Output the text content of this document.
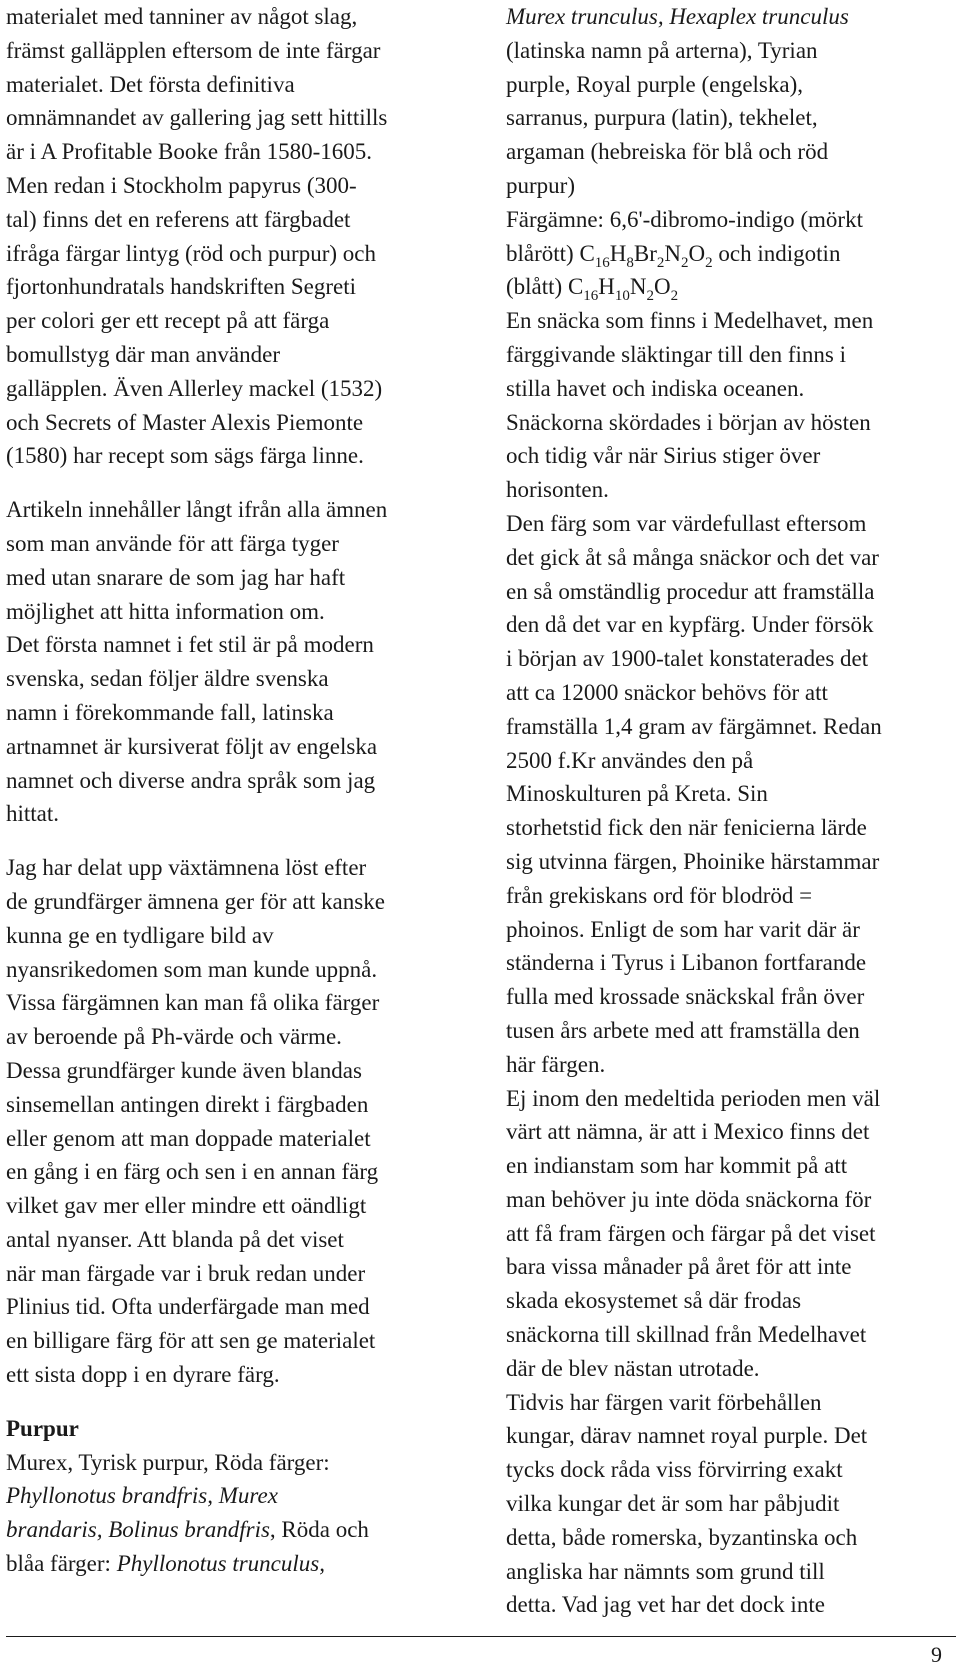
materialet med tanniner av något slag,
främst galläpplen eftersom de inte färgar
materialet. Det första definitiva
omnämnandet av gallering jag sett hittills
är i A Profitable Booke från 1580-1605.
Men redan i Stockholm papyrus (300-
tal) finns det en referens att färgbadet
ifråga färgar lintyg (röd och purpur) och
fjortonhundratals handskriften Segreti
per colori ger ett recept på att färga
bomullstyg där man använder
galläpplen. Även Allerley mackel (1532)
och Secrets of Master Alexis Piemonte
(1580) har recept som sägs färga linne.
Artikeln innehåller långt ifrån alla ämnen
som man använde för att färga tyger
med utan snarare de som jag har haft
möjlighet att hitta information om.
Det första namnet i fet stil är på modern
svenska, sedan följer äldre svenska
namn i förekommande fall, latinska
artnamnet är kursiverat följt av engelska
namnet och diverse andra språk som jag
hittat.
Jag har delat upp växtämnena löst efter
de grundfärger ämnena ger för att kanske
kunna ge en tydligare bild av
nyansrikedomen som man kunde uppnå.
Vissa färgämnen kan man få olika färger
av beroende på Ph-värde och värme.
Dessa grundfärger kunde även blandas
sinsemellan antingen direkt i färgbaden
eller genom att man doppade materialet
en gång i en färg och sen i en annan färg
vilket gav mer eller mindre ett oändligt
antal nyanser. Att blanda på det viset
när man färgade var i bruk redan under
Plinius tid. Ofta underfärgade man med
en billigare färg för att sen ge materialet
ett sista dopp i en dyrare färg.
Purpur
Murex, Tyrisk purpur, Röda färger:
Phyllonotus brandfris, Murex
brandaris, Bolinus brandfris, Röda och
blåa färger: Phyllonotus trunculus,
Murex trunculus, Hexaplex trunculus
(latinska namn på arterna), Tyrian
purple, Royal purple (engelska),
sarranus, purpura (latin), tekhelet,
argaman (hebreiska för blå och röd
purpur)
Färgämne: 6,6'-dibromo-indigo (mörkt
blårött) $C_{16}H_8Br_2N_2O_2$ och indigotin
(blått) $C_{16}H_{10}N_2O_2$
En snäcka som finns i Medelhavet, men
färggivande släktingar till den finns i
stilla havet och indiska oceanen.
Snäckorna skördades i början av hösten
och tidig vår när Sirius stiger över
horisonten.
Den färg som var värdefullast eftersom
det gick åt så många snäckor och det var
en så omständlig procedur att framställa
den då det var en kypfärg. Under försök
i början av 1900-talet konstaterades det
att ca 12000 snäckor behövs för att
framställa 1,4 gram av färgämnet. Redan
2500 f.Kr användes den på
Minoskulturen på Kreta. Sin
storhetstid fick den när fenicierna lärde
sig utvinna färgen, Phoinike härstammar
från grekiskans ord för blodröd =
phoinos. Enligt de som har varit där är
ständerna i Tyrus i Libanon fortfarande
fulla med krossade snäckskal från över
tusen års arbete med att framställa den
här färgen.
Ej inom den medeltida perioden men väl
värt att nämna, är att i Mexico finns det
en indianstam som har kommit på att
man behöver ju inte döda snäckorna för
att få fram färgen och färgar på det viset
bara vissa månader på året för att inte
skada ekosystemet så där frodas
snäckorna till skillnad från Medelhavet
där de blev nästan utrotade.
Tidvis har färgen varit förbehållen
kungar, därav namnet royal purple. Det
tycks dock råda viss förvirring exakt
vilka kungar det är som har påbjudit
detta, både romerska, byzantinska och
angliska har nämnts som grund till
detta. Vad jag vet har det dock inte
9
